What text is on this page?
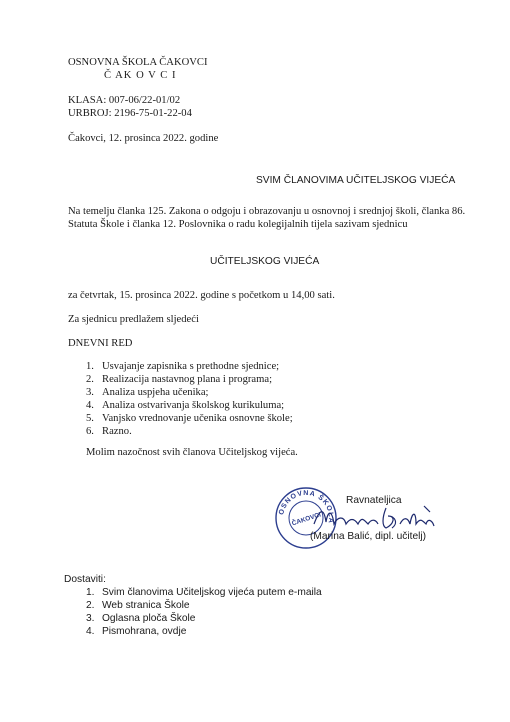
OSNOVNA ŠKOLA ČAKOVCI
Č AK O V C I
KLASA: 007-06/22-01/02
URBROJ: 2196-75-01-22-04
Čakovci, 12. prosinca 2022. godine
SVIM ČLANOVIMA UČITELJSKOG VIJEĆA
Na temelju članka 125. Zakona o odgoju i obrazovanju u osnovnoj i srednjoj školi, članka 86. Statuta Škole i članka 12. Poslovnika o radu kolegijalnih tijela sazivam sjednicu
UČITELJSKOG VIJEĆA
za četvrtak, 15. prosinca 2022. godine s početkom u 14,00 sati.
Za sjednicu predlažem sljedeći
DNEVNI RED
1. Usvajanje zapisnika s prethodne sjednice;
2. Realizacija nastavnog plana i programa;
3. Analiza uspjeha učenika;
4. Analiza ostvarivanja školskog kurikuluma;
5. Vanjsko vrednovanje učenika osnovne škole;
6. Razno.
Molim nazočnost svih članova Učiteljskog vijeća.
OSNOVNA ŠKOLA
ČAKOVCI
Ravnateljica
(Marina Balić, dipl. učitelj)
Dostaviti:
1. Svim članovima Učiteljskog vijeća putem e-maila
2. Web stranica Škole
3. Oglasna ploča Škole
4. Pismohrana, ovdje
